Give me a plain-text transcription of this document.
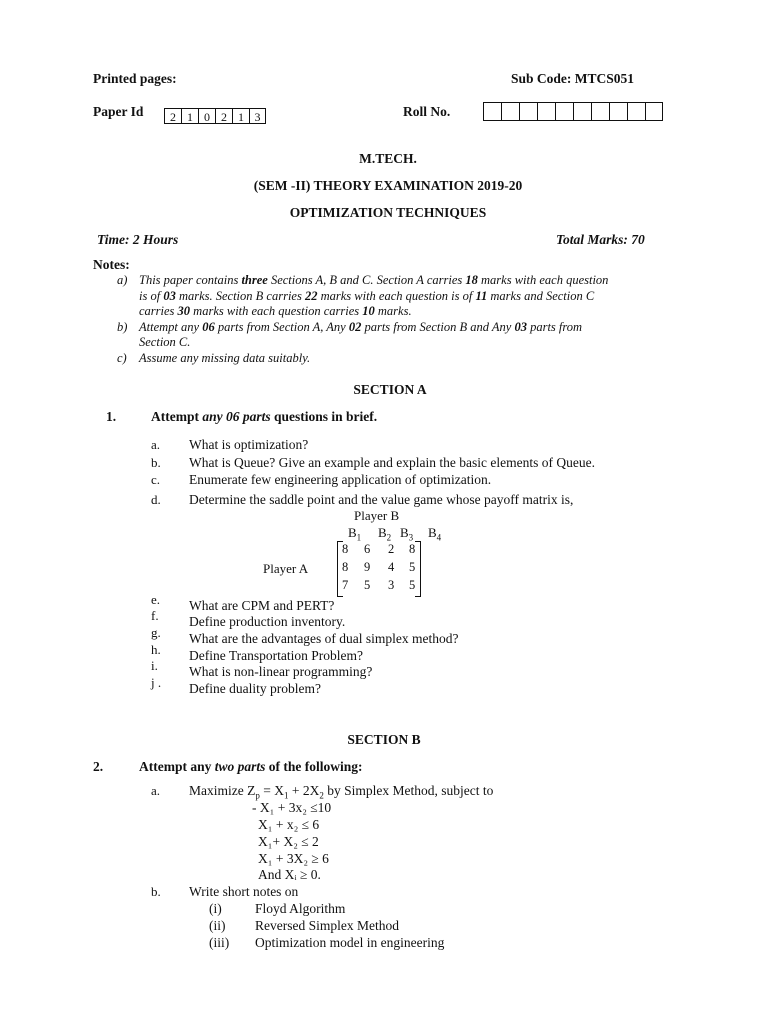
Printed pages:	Sub Code: MTCS051
Paper Id	2 1 0 2 1 3	Roll No.
M.TECH.
(SEM -II) THEORY EXAMINATION 2019-20
OPTIMIZATION TECHNIQUES
Time: 2 Hours	Total Marks: 70
Notes:
a) This paper contains three Sections A, B and C. Section A carries 18 marks with each question
is of 03 marks. Section B carries 22 marks with each question is of 11 marks and Section C
carries 30 marks with each question carries 10 marks.
b) Attempt any 06 parts from Section A, Any 02 parts from Section B and Any 03 parts from
Section C.
c) Assume any missing data suitably.
SECTION A
1.	Attempt any 06 parts questions in brief.
a. What is optimization?
b. What is Queue? Give an example and explain the basic elements of Queue.
c. Enumerate few engineering application of optimization.
d. Determine the saddle point and the value game whose payoff matrix is,
Player B
$B_1$ $B_2$ $B_3$ $B_4$
Player A
8 6 2 8
8 9 4 5
7 5 3 5
e. What are CPM and PERT?
f. Define production inventory.
g. What are the advantages of dual simplex method?
h. Define Transportation Problem?
i. What is non-linear programming?
j . Define duality problem?
SECTION B
2.	Attempt any two parts of the following:
a. Maximize $Z_p = X_1 + 2X_2$ by Simplex Method, subject to
- X₁ + 3x₂ ≤10
X₁ + x₂ ≤ 6
X₁+ X₂ ≤ 2
X₁ + 3X₂ ≥ 6
And Xᵢ ≥ 0.
b. Write short notes on
(i) Floyd Algorithm
(ii) Reversed Simplex Method
(iii) Optimization model in engineering
